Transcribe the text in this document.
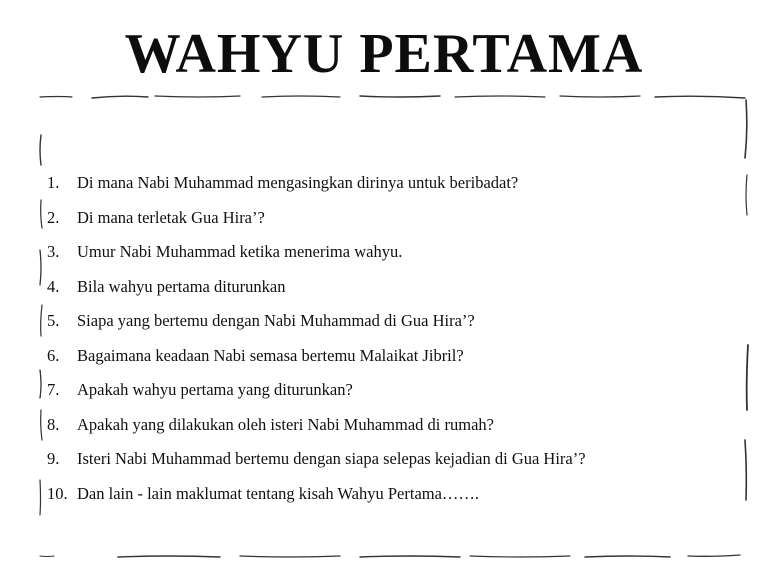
WAHYU PERTAMA
1.	Di mana Nabi Muhammad mengasingkan dirinya untuk beribadat?
2.	Di mana terletak Gua Hira’?
3.	Umur Nabi Muhammad ketika menerima wahyu.
4.	Bila wahyu pertama diturunkan
5.	Siapa yang bertemu dengan Nabi Muhammad di Gua Hira’?
6.	Bagaimana keadaan Nabi semasa bertemu Malaikat Jibril?
7.	Apakah wahyu pertama yang diturunkan?
8.	Apakah yang dilakukan oleh isteri Nabi Muhammad di rumah?
9.	Isteri Nabi Muhammad bertemu dengan siapa selepas kejadian di Gua Hira’?
10. Dan lain - lain maklumat tentang kisah Wahyu Pertama…….
